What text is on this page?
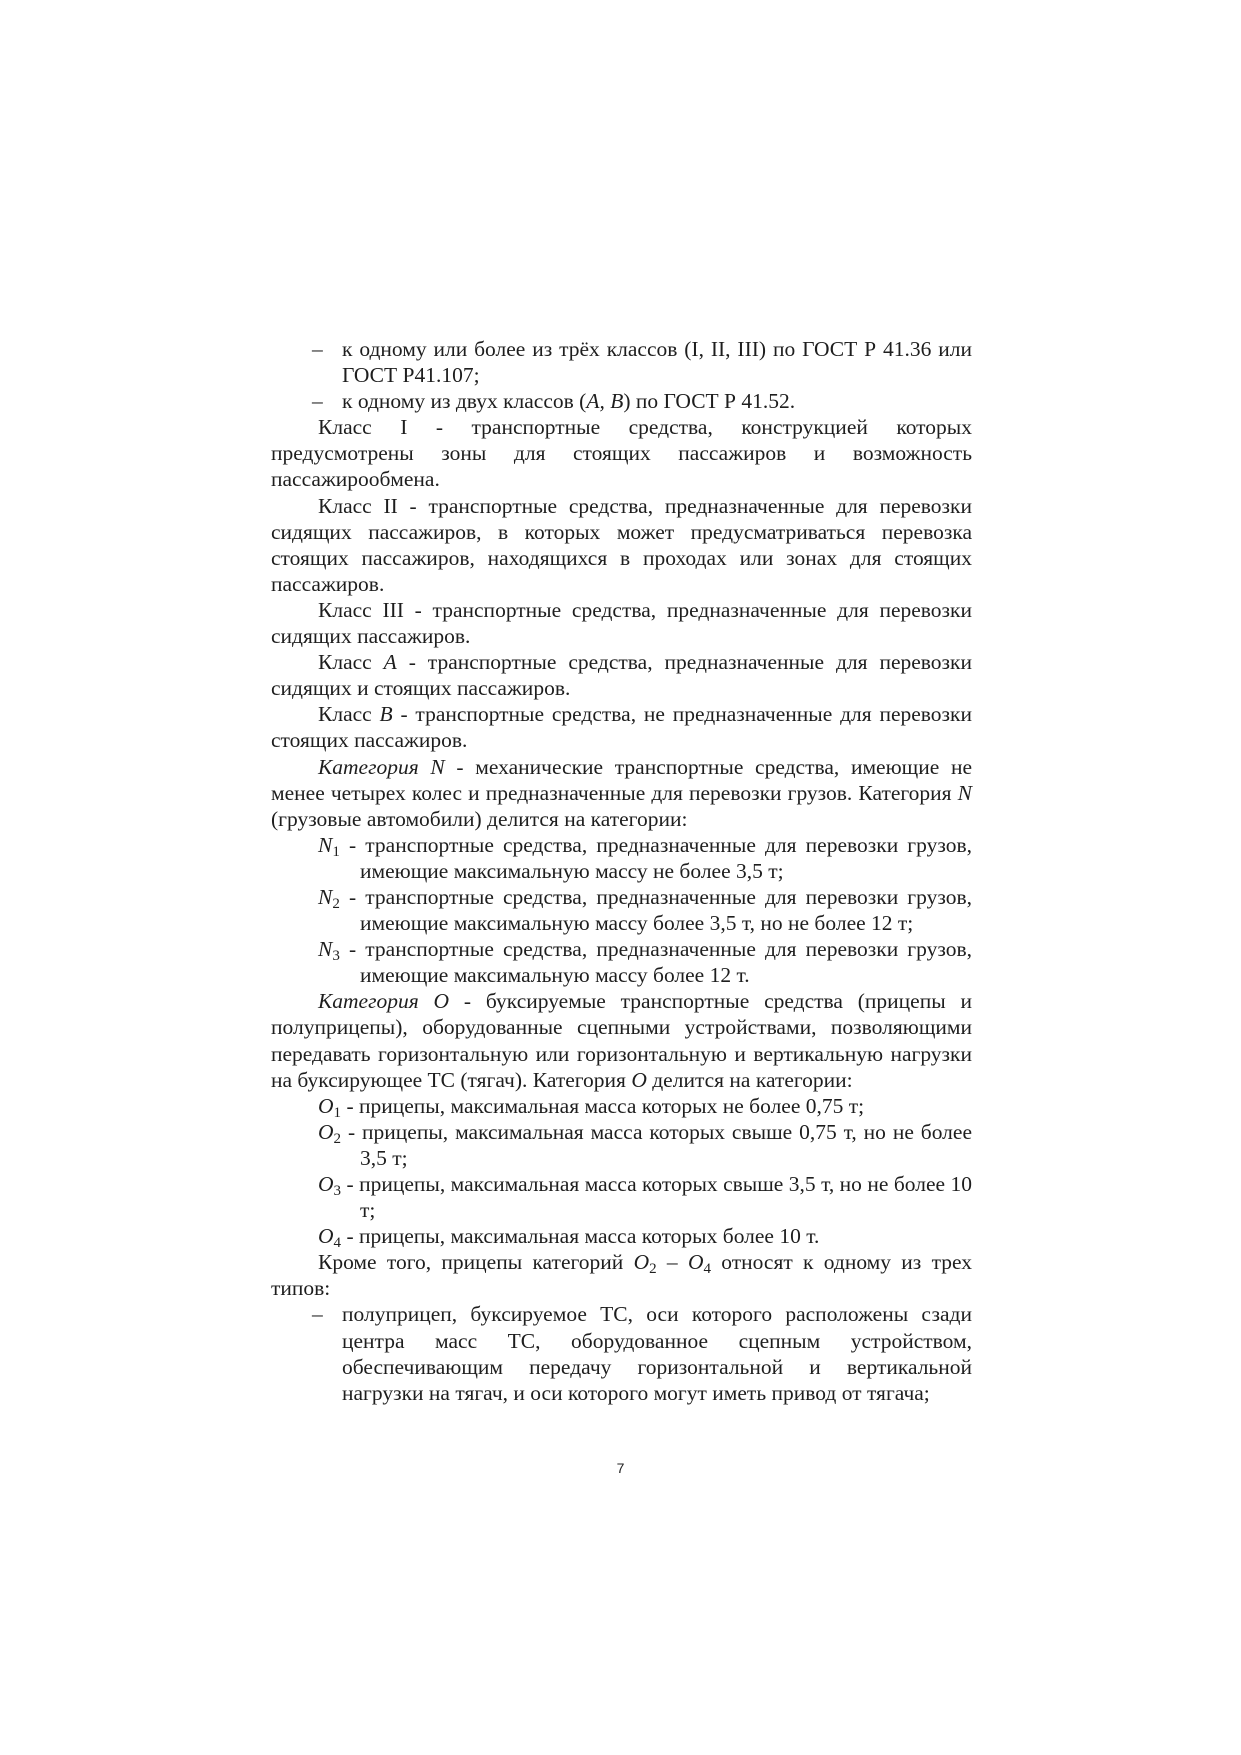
– к одному или более из трёх классов (I, II, III) по ГОСТ Р 41.36 или ГОСТ Р41.107;

– к одному из двух классов (A, B) по ГОСТ Р 41.52.

Класс I - транспортные средства, конструкцией которых предусмотрены зоны для стоящих пассажиров и возможность пассажирообмена.

Класс II - транспортные средства, предназначенные для перевозки сидящих пассажиров, в которых может предусматриваться перевозка стоящих пассажиров, находящихся в проходах или зонах для стоящих пассажиров.

Класс III - транспортные средства, предназначенные для перевозки сидящих пассажиров.

Класс A - транспортные средства, предназначенные для перевозки сидящих и стоящих пассажиров.

Класс B - транспортные средства, не предназначенные для перевозки стоящих пассажиров.

Категория N - механические транспортные средства, имеющие не менее четырех колес и предназначенные для перевозки грузов. Категория N (грузовые автомобили) делится на категории:

$N_1$ - транспортные средства, предназначенные для перевозки грузов, имеющие максимальную массу не более 3,5 т;

$N_2$ - транспортные средства, предназначенные для перевозки грузов, имеющие максимальную массу более 3,5 т, но не более 12 т;

$N_3$ - транспортные средства, предназначенные для перевозки грузов, имеющие максимальную массу более 12 т.

Категория O - буксируемые транспортные средства (прицепы и полуприцепы), оборудованные сцепными устройствами, позволяющими передавать горизонтальную или горизонтальную и вертикальную нагрузки на буксирующее ТС (тягач). Категория O делится на категории:

$O_1$ - прицепы, максимальная масса которых не более 0,75 т;

$O_2$ - прицепы, максимальная масса которых свыше 0,75 т, но не более 3,5 т;

$O_3$ - прицепы, максимальная масса которых свыше 3,5 т, но не более 10 т;

$O_4$ - прицепы, максимальная масса которых более 10 т.

Кроме того, прицепы категорий $O_2 - O_4$ относят к одному из трех типов:

– полуприцеп, буксируемое ТС, оси которого расположены сзади центра масс ТС, оборудованное сцепным устройством, обеспечивающим передачу горизонтальной и вертикальной нагрузки на тягач, и оси которого могут иметь привод от тягача;

7
